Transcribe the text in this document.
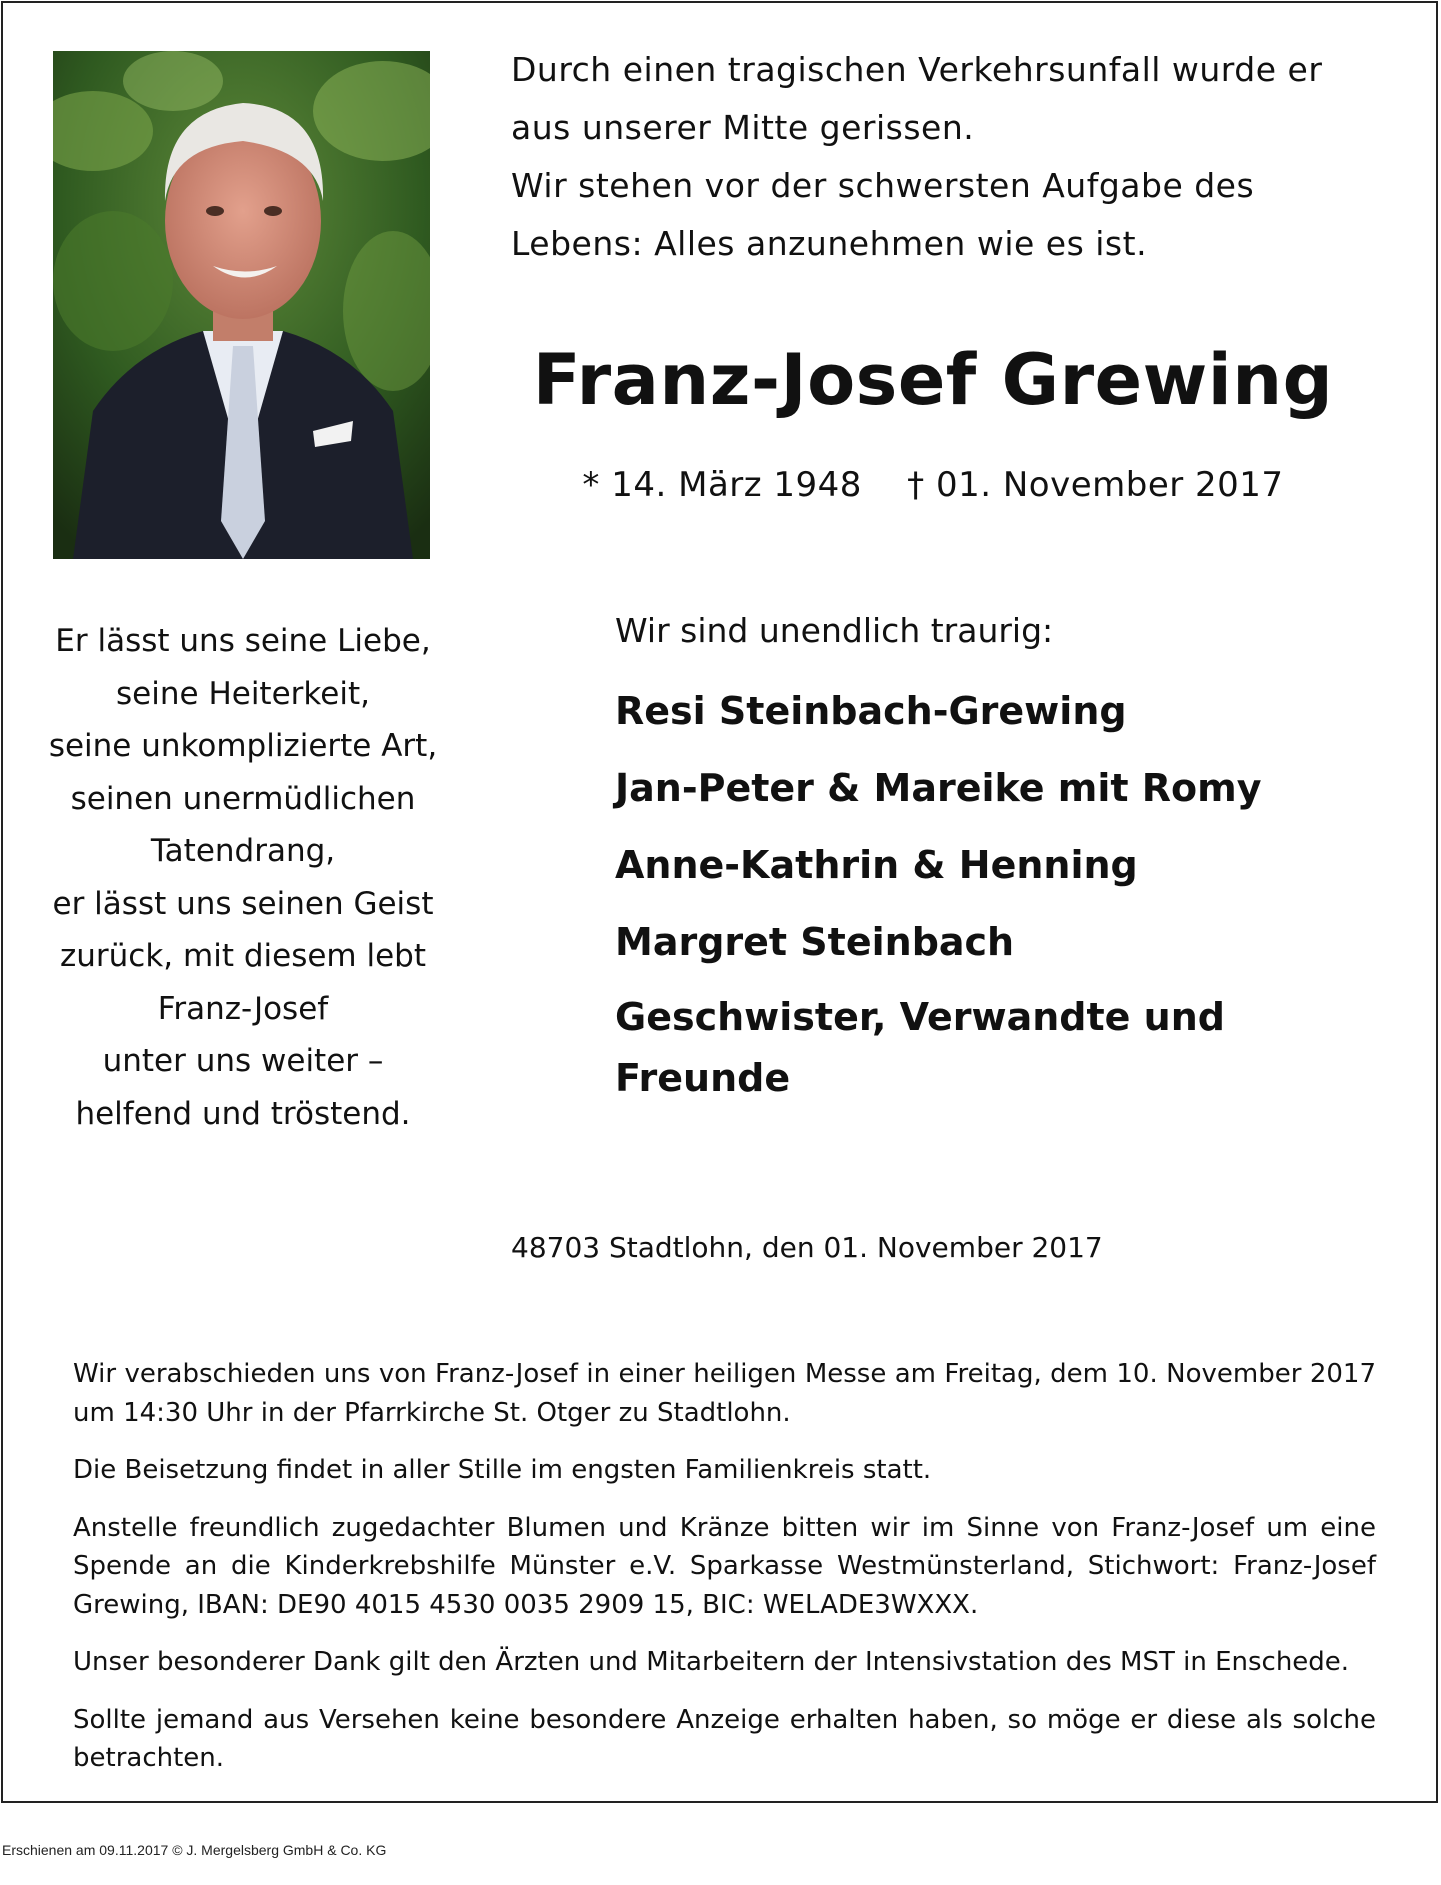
Durch einen tragischen Verkehrsunfall wurde er aus unserer Mitte gerissen.

Wir stehen vor der schwersten Aufgabe des Lebens: Alles anzunehmen wie es ist.

Franz-Josef Grewing
* 14. März 1948    † 01. November 2017
Er lässt uns seine Liebe,
seine Heiterkeit,
seine unkomplizierte Art,
seinen unermüdlichen
Tatendrang,
er lässt uns seinen Geist
zurück, mit diesem lebt
Franz-Josef
unter uns weiter –
helfend und tröstend.
Wir sind unendlich traurig:
Resi Steinbach-Grewing
Jan-Peter & Mareike mit Romy
Anne-Kathrin & Henning
Margret Steinbach
Geschwister, Verwandte und Freunde
48703 Stadtlohn, den 01. November 2017

Wir verabschieden uns von Franz-Josef in einer heiligen Messe am Freitag, dem 10. November 2017 um 14:30 Uhr in der Pfarrkirche St. Otger zu Stadtlohn.

Die Beisetzung findet in aller Stille im engsten Familienkreis statt.

Anstelle freundlich zugedachter Blumen und Kränze bitten wir im Sinne von Franz-Josef um eine Spende an die Kinderkrebshilfe Münster e.V. Sparkasse Westmünsterland, Stichwort: Franz-Josef Grewing, IBAN: DE90 4015 4530 0035 2909 15, BIC: WELADE3WXXX.

Unser besonderer Dank gilt den Ärzten und Mitarbeitern der Intensivstation des MST in Enschede.

Sollte jemand aus Versehen keine besondere Anzeige erhalten haben, so möge er diese als solche betrachten.

Erschienen am 09.11.2017 © J. Mergelsberg GmbH & Co. KG
